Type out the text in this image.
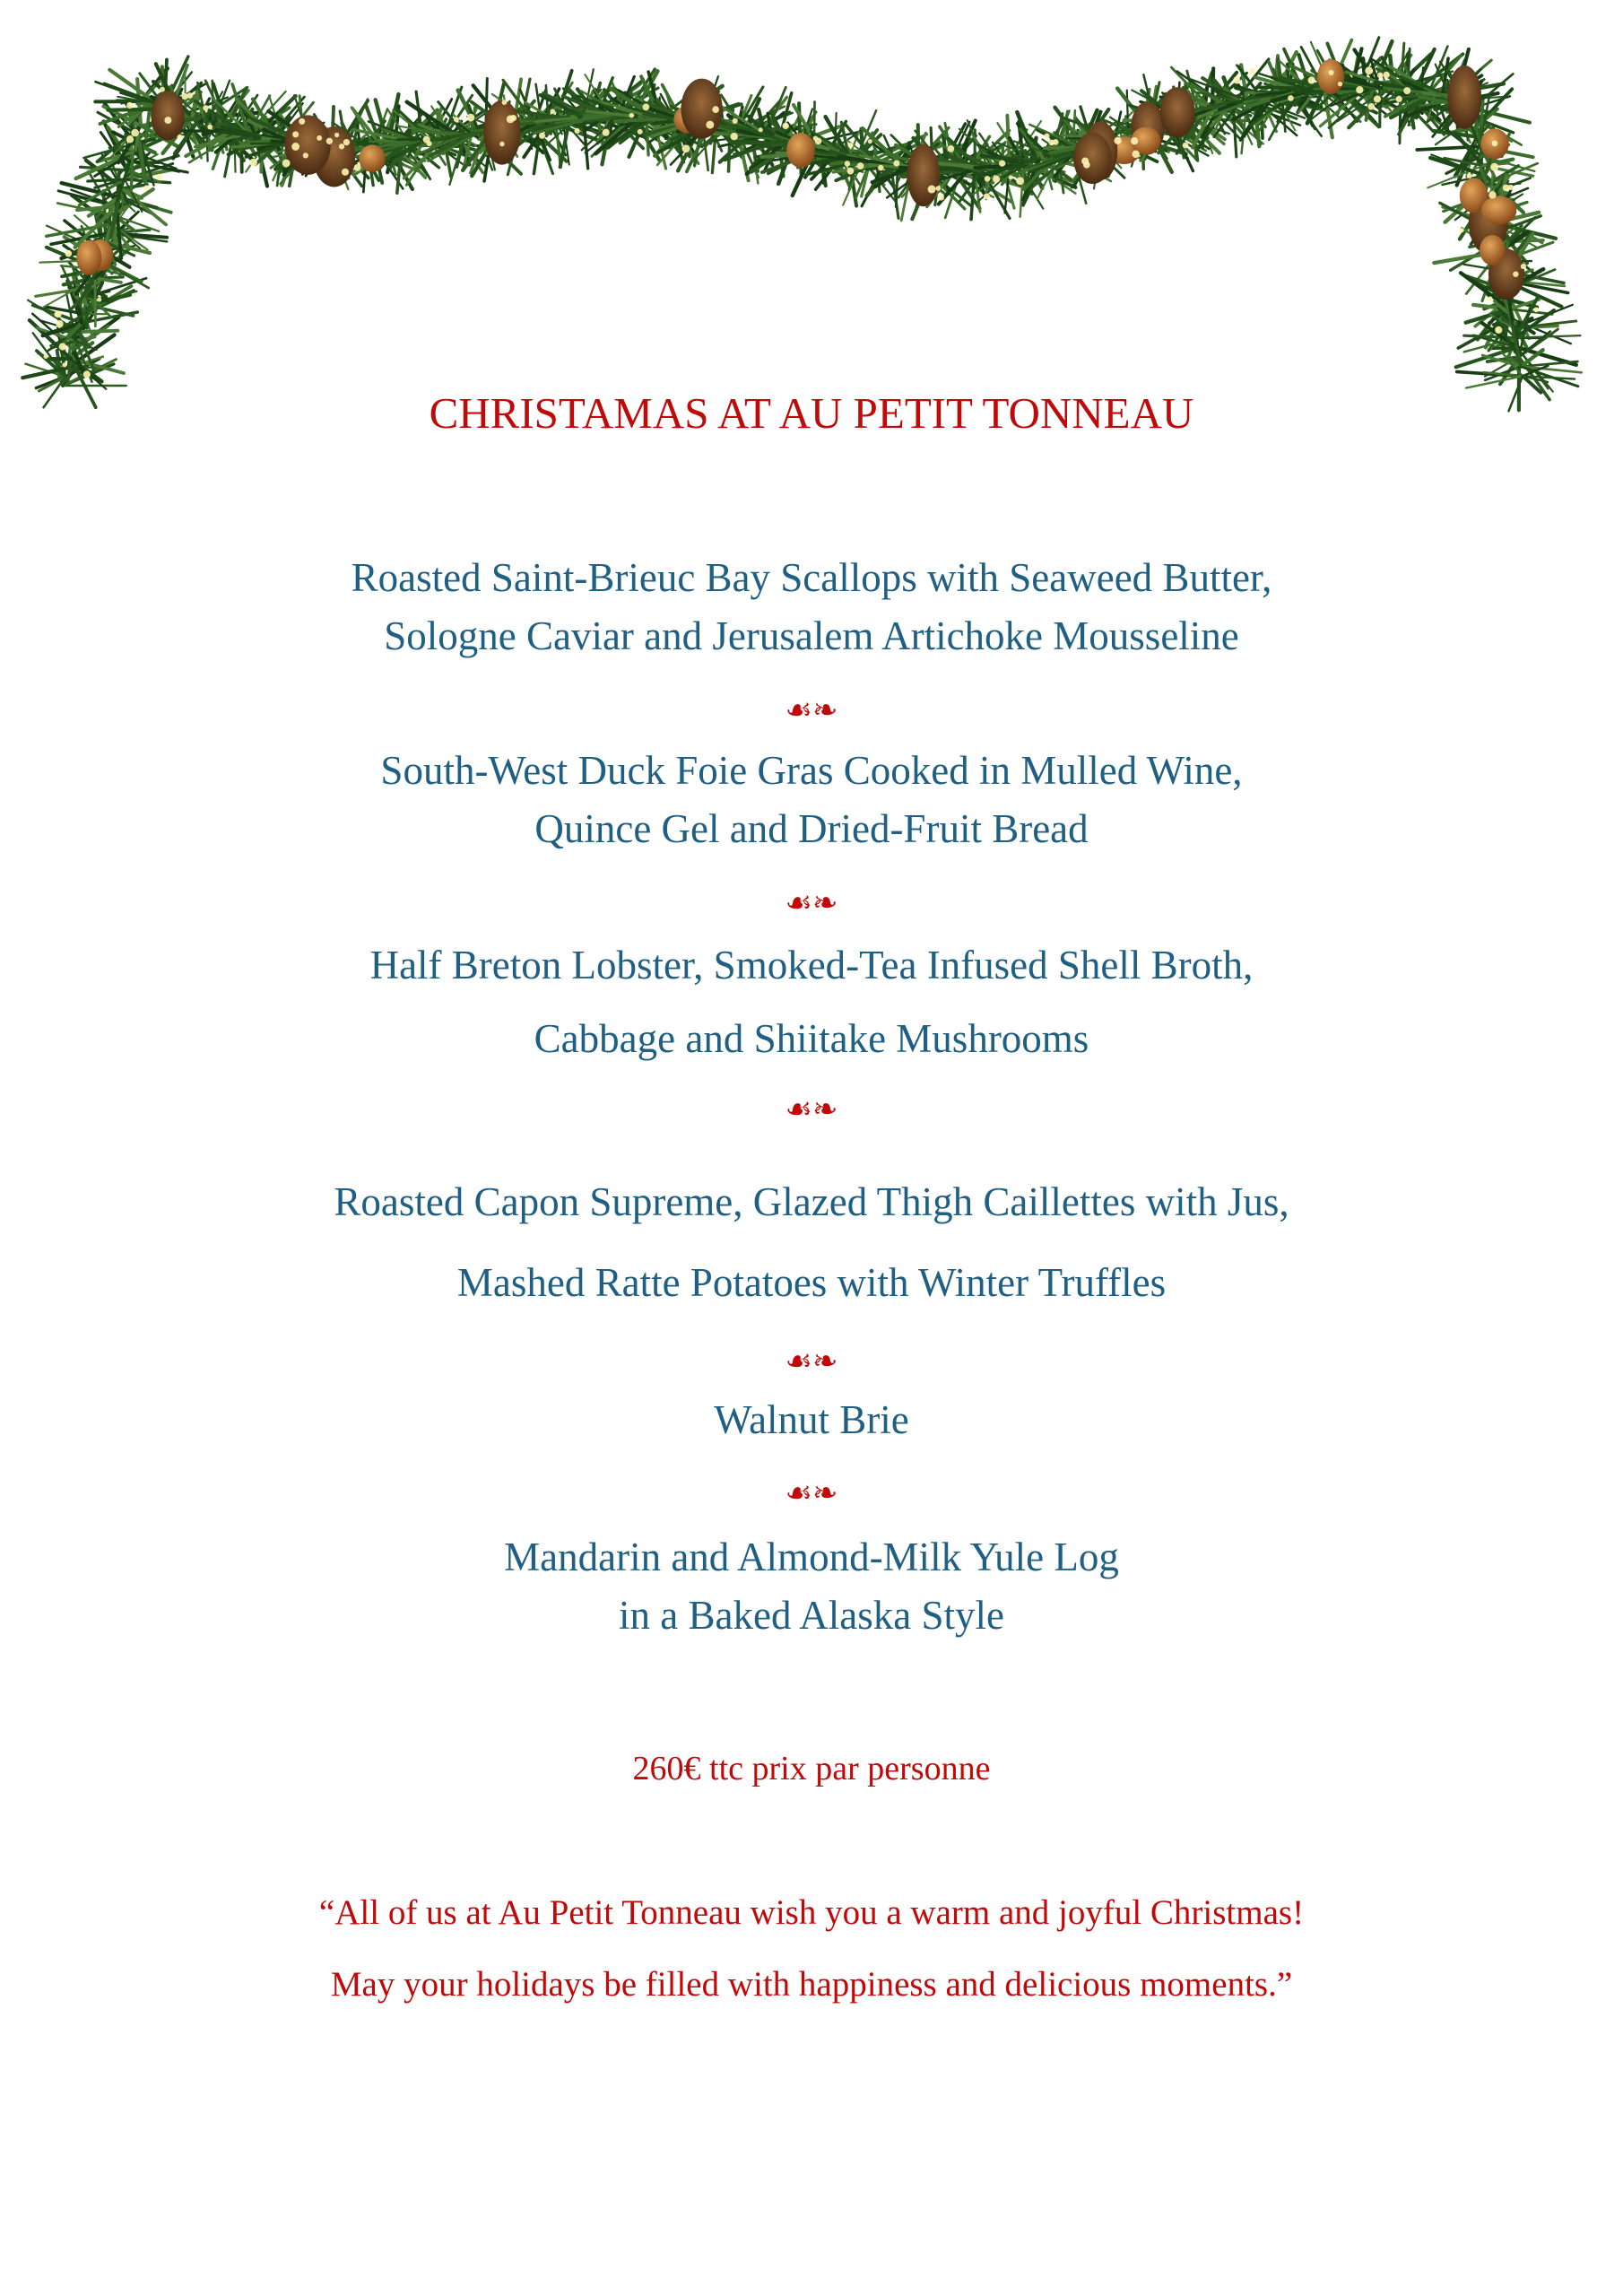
CHRISTAMAS AT AU PETIT TONNEAU
Roasted Saint-Brieuc Bay Scallops with Seaweed Butter,
Sologne Caviar and Jerusalem Artichoke Mousseline
☙❧
South-West Duck Foie Gras Cooked in Mulled Wine,
Quince Gel and Dried-Fruit Bread
☙❧
Half Breton Lobster, Smoked-Tea Infused Shell Broth,
Cabbage and Shiitake Mushrooms
☙❧
Roasted Capon Supreme, Glazed Thigh Caillettes with Jus,
Mashed Ratte Potatoes with Winter Truffles
☙❧
Walnut Brie
☙❧
Mandarin and Almond-Milk Yule Log
in a Baked Alaska Style
260€ ttc prix par personne
“All of us at Au Petit Tonneau wish you a warm and joyful Christmas!
May your holidays be filled with happiness and delicious moments.”
